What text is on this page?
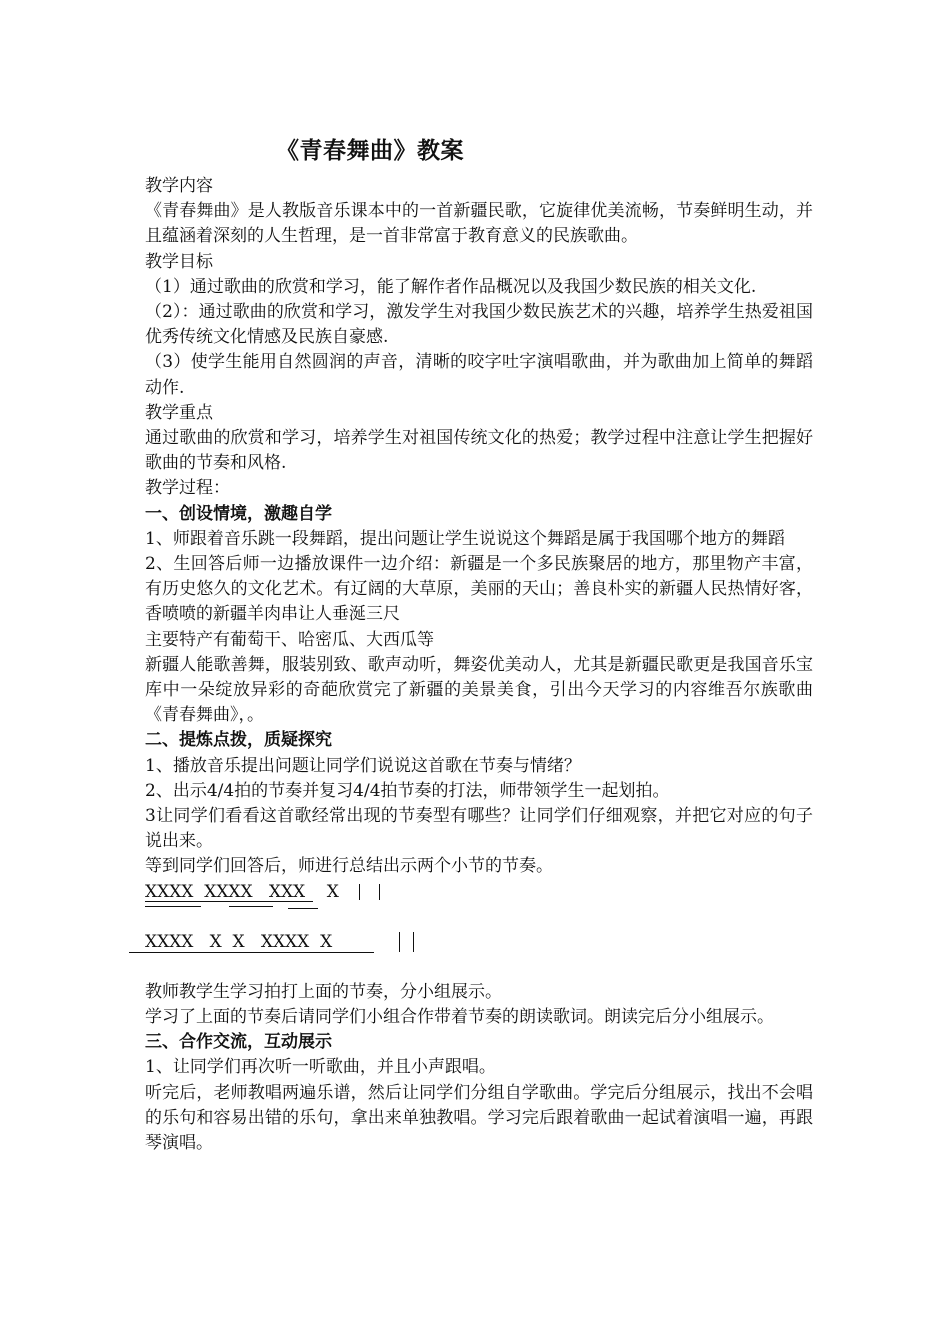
《青春舞曲》教案

教学内容

《青春舞曲》是人教版音乐课本中的一首新疆民歌，它旋律优美流畅，节奏鲜明生动，并且蕴涵着深刻的人生哲理，是一首非常富于教育意义的民族歌曲。

教学目标

（1）通过歌曲的欣赏和学习，能了解作者作品概况以及我国少数民族的相关文化.

（2）：通过歌曲的欣赏和学习，激发学生对我国少数民族艺术的兴趣，培养学生热爱祖国优秀传统文化情感及民族自豪感.

（3）使学生能用自然圆润的声音，清晰的咬字吐字演唱歌曲，并为歌曲加上简单的舞蹈动作.

教学重点

通过歌曲的欣赏和学习，培养学生对祖国传统文化的热爱；教学过程中注意让学生把握好歌曲的节奏和风格.

教学过程：

一、创设情境，激趣自学

1、师跟着音乐跳一段舞蹈，提出问题让学生说说这个舞蹈是属于我国哪个地方的舞蹈

2、生回答后师一边播放课件一边介绍：新疆是一个多民族聚居的地方，那里物产丰富，有历史悠久的文化艺术。有辽阔的大草原，美丽的天山；善良朴实的新疆人民热情好客，香喷喷的新疆羊肉串让人垂涎三尺

主要特产有葡萄干、哈密瓜、大西瓜等

新疆人能歌善舞，服装别致、歌声动听，舞姿优美动人，尤其是新疆民歌更是我国音乐宝库中一朵绽放异彩的奇葩欣赏完了新疆的美景美食，引出今天学习的内容维吾尔族歌曲《青春舞曲》，。

二、提炼点拨，质疑探究

1、播放音乐提出问题让同学们说说这首歌在节奏与情绪？

2、出示4/4拍的节奏并复习4/4拍节奏的打法，师带领学生一起划拍。

3让同学们看看这首歌经常出现的节奏型有哪些？让同学们仔细观察，并把它对应的句子说出来。

等到同学们回答后，师进行总结出示两个小节的节奏。

XXXX  XXXX   XXX    X

XXXX   X  X   XXXX  X

教师教学生学习拍打上面的节奏，分小组展示。

学习了上面的节奏后请同学们小组合作带着节奏的朗读歌词。朗读完后分小组展示。

三、合作交流，互动展示

1、让同学们再次听一听歌曲，并且小声跟唱。

听完后，老师教唱两遍乐谱，然后让同学们分组自学歌曲。学完后分组展示，找出不会唱的乐句和容易出错的乐句，拿出来单独教唱。学习完后跟着歌曲一起试着演唱一遍，再跟琴演唱。
